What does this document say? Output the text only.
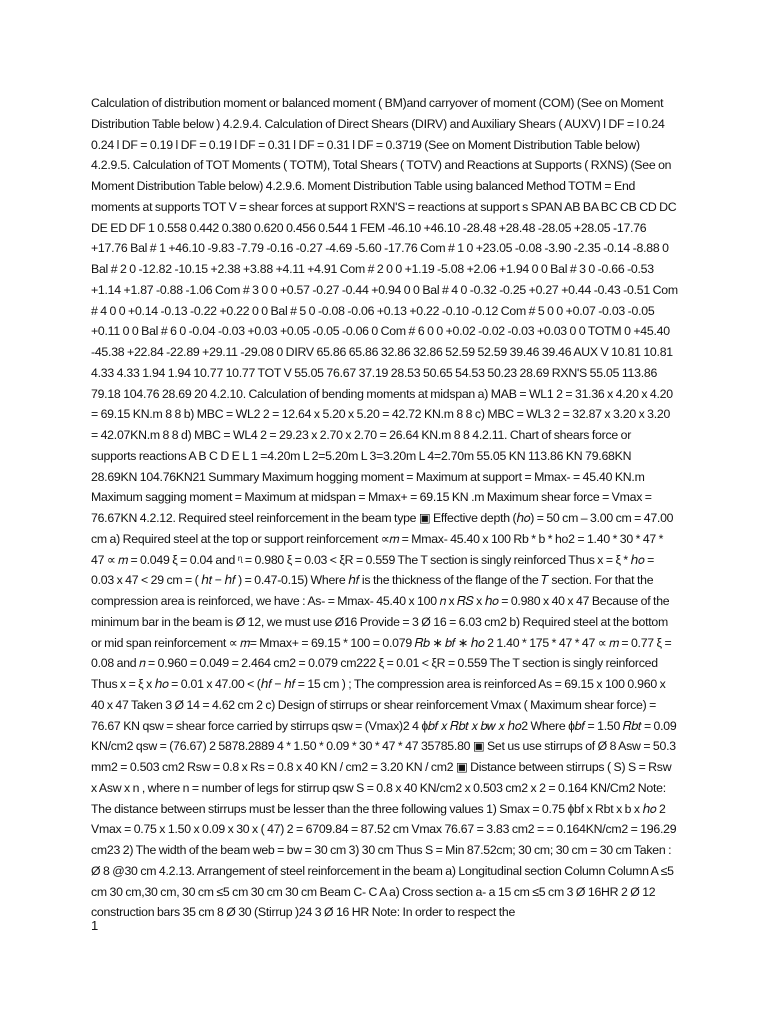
Calculation of distribution moment or balanced moment ( BM)and carryover of moment (COM) (See on Moment Distribution Table below ) 4.2.9.4. Calculation of Direct Shears (DIRV) and Auxiliary Shears ( AUXV) l DF = l 0.24 0.24 l DF = 0.19 l DF = 0.19 l DF = 0.31 l DF = 0.31 l DF = 0.3719 (See on Moment Distribution Table below) 4.2.9.5. Calculation of TOT Moments ( TOTM), Total Shears ( TOTV) and Reactions at Supports ( RXNS) (See on Moment Distribution Table below) 4.2.9.6. Moment Distribution Table using balanced Method TOTM = End moments at supports TOT V = shear forces at support RXN'S = reactions at support s SPAN AB BA BC CB CD DC DE ED DF 1 0.558 0.442 0.380 0.620 0.456 0.544 1 FEM -46.10 +46.10 -28.48 +28.48 -28.05 +28.05 -17.76 +17.76 Bal # 1 +46.10 -9.83 -7.79 -0.16 -0.27 -4.69 -5.60 -17.76 Com # 1 0 +23.05 -0.08 -3.90 -2.35 -0.14 -8.88 0 Bal # 2 0 -12.82 -10.15 +2.38 +3.88 +4.11 +4.91 Com # 2 0 0 +1.19 -5.08 +2.06 +1.94 0 0 Bal # 3 0 -0.66 -0.53 +1.14 +1.87 -0.88 -1.06 Com # 3 0 0 +0.57 -0.27 -0.44 +0.94 0 0 Bal # 4 0 -0.32 -0.25 +0.27 +0.44 -0.43 -0.51 Com # 4 0 0 +0.14 -0.13 -0.22 +0.22 0 0 Bal # 5 0 -0.08 -0.06 +0.13 +0.22 -0.10 -0.12 Com # 5 0 0 +0.07 -0.03 -0.05 +0.11 0 0 Bal # 6 0 -0.04 -0.03 +0.03 +0.05 -0.05 -0.06 0 Com # 6 0 0 +0.02 -0.02 -0.03 +0.03 0 0 TOTM 0 +45.40 -45.38 +22.84 -22.89 +29.11 -29.08 0 DIRV 65.86 65.86 32.86 32.86 52.59 52.59 39.46 39.46 AUX V 10.81 10.81 4.33 4.33 1.94 1.94 10.77 10.77 TOT V 55.05 76.67 37.19 28.53 50.65 54.53 50.23 28.69 RXN'S 55.05 113.86 79.18 104.76 28.69 20 4.2.10. Calculation of bending moments at midspan a) MAB = WL1 2 = 31.36 x 4.20 x 4.20 = 69.15 KN.m 8 8 b) MBC = WL2 2 = 12.64 x 5.20 x 5.20 = 42.72 KN.m 8 8 c) MBC = WL3 2 = 32.87 x 3.20 x 3.20 = 42.07KN.m 8 8 d) MBC = WL4 2 = 29.23 x 2.70 x 2.70 = 26.64 KN.m 8 8 4.2.11. Chart of shears force or supports reactions A B C D E L 1 =4.20m L 2=5.20m L 3=3.20m L 4=2.70m 55.05 KN 113.86 KN 79.68KN 28.69KN 104.76KN21 Summary Maximum hogging moment = Maximum at support = Mmax- = 45.40 KN.m Maximum sagging moment = Maximum at midspan = Mmax+ = 69.15 KN .m Maximum shear force = Vmax = 76.67KN 4.2.12. Required steel reinforcement in the beam type ▣ Effective depth (ℎ𝑜) = 50 cm – 3.00 cm = 47.00 cm a) Required steel at the top or support reinforcement ∝𝑚 = Mmax- 45.40 x 100 Rb * b * ho2 = 1.40 * 30 * 47 * 47 ∝ 𝑚 = 0.049 ξ = 0.04 and ᶯ = 0.980 ξ = 0.03 < ξR = 0.559 The T section is singly reinforced Thus x = ξ * ℎ𝑜 = 0.03 x 47 < 29 cm = ( ℎ𝑡 − ℎ𝑓 ) = 0.47-0.15) Where ℎ𝑓 is the thickness of the flange of the 𝑇 section. For that the compression area is reinforced, we have : As- = Mmax- 45.40 x 100 𝑛 x 𝑅𝑆 x ℎ𝑜 = 0.980 x 40 x 47 Because of the minimum bar in the beam is Ø 12, we must use Ø16 Provide = 3 Ø 16 = 6.03 cm2 b) Required steel at the bottom or mid span reinforcement ∝ 𝑚= Mmax+ = 69.15 * 100 = 0.079 𝑅𝑏 ∗ 𝑏𝑓 ∗ ℎ𝑜 2 1.40 * 175 * 47 * 47 ∝ 𝑚 = 0.77 ξ = 0.08 and 𝑛 = 0.960 = 0.049 = 2.464 cm2 = 0.079 cm222 ξ = 0.01 < ξR = 0.559 The T section is singly reinforced Thus x = ξ x ℎ𝑜 = 0.01 x 47.00 < (ℎ𝑓 − ℎ𝑓 = 15 cm ) ; The compression area is reinforced As = 69.15 x 100 0.960 x 40 x 47 Taken 3 Ø 14 = 4.62 cm 2 c) Design of stirrups or shear reinforcement Vmax ( Maximum shear force) = 76.67 KN qsw = shear force carried by stirrups qsw = (Vmax)2 4 ɸ𝑏𝑓 𝑥 𝑅𝑏𝑡 𝑥 𝑏𝑤 𝑥 ℎ𝑜2 Where ɸ𝑏𝑓 = 1.50 𝑅𝑏𝑡 = 0.09 KN/cm2 qsw = (76.67) 2 5878.2889 4 * 1.50 * 0.09 * 30 * 47 * 47 35785.80 ▣ Set us use stirrups of Ø 8 Asw = 50.3 mm2 = 0.503 cm2 Rsw = 0.8 x Rs = 0.8 x 40 KN / cm2 = 3.20 KN / cm2 ▣ Distance between stirrups ( S) S = Rsw x Asw x n , where n = number of legs for stirrup qsw S = 0.8 x 40 KN/cm2 x 0.503 cm2 x 2 = 0.164 KN/Cm2 Note: The distance between stirrups must be lesser than the three following values 1) Smax = 0.75 ɸbf x Rbt x b x ℎ𝑜 2 Vmax = 0.75 x 1.50 x 0.09 x 30 x ( 47) 2 = 6709.84 = 87.52 cm Vmax 76.67 = 3.83 cm2 = = 0.164KN/cm2 = 196.29 cm23 2) The width of the beam web = bw = 30 cm 3) 30 cm Thus S = Min 87.52cm; 30 cm; 30 cm = 30 cm Taken : Ø 8 @30 cm 4.2.13. Arrangement of steel reinforcement in the beam a) Longitudinal section Column Column A ≤5 cm 30 cm,30 cm, 30 cm ≤5 cm 30 cm 30 cm Beam C- C A a) Cross section a- a 15 cm ≤5 cm 3 Ø 16HR 2 Ø 12 construction bars 35 cm 8 Ø 30 (Stirrup )24 3 Ø 16 HR Note: In order to respect the

1
